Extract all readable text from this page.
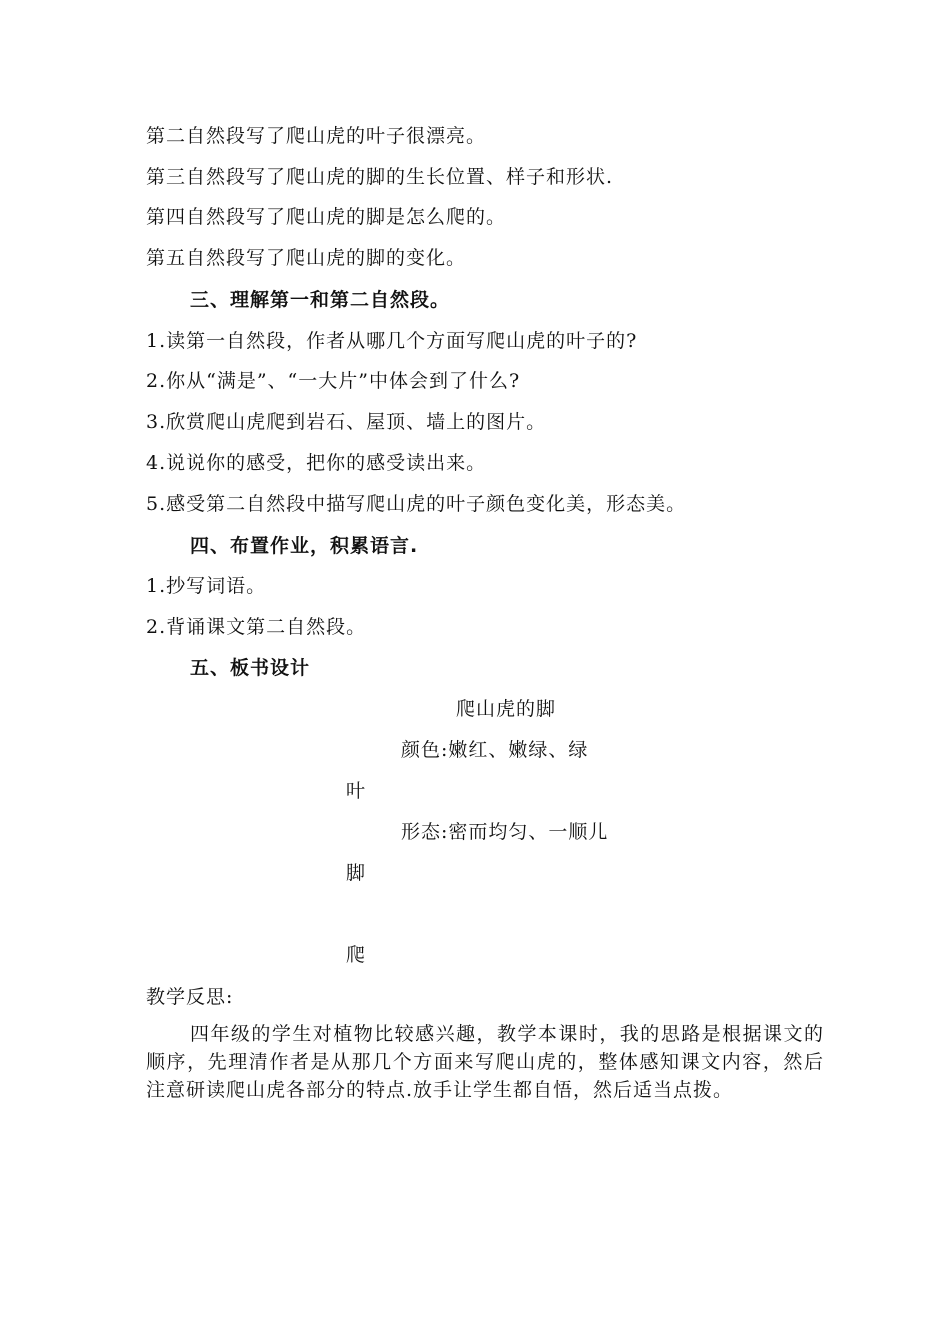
第二自然段写了爬山虎的叶子很漂亮。
第三自然段写了爬山虎的脚的生长位置、样子和形状.
第四自然段写了爬山虎的脚是怎么爬的。
第五自然段写了爬山虎的脚的变化。
三、理解第一和第二自然段。
1.读第一自然段，作者从哪几个方面写爬山虎的叶子的?
2.你从“满是”、“一大片”中体会到了什么?
3.欣赏爬山虎爬到岩石、屋顶、墙上的图片。
4.说说你的感受，把你的感受读出来。
5.感受第二自然段中描写爬山虎的叶子颜色变化美，形态美。
四、布置作业，积累语言.
1.抄写词语。
2.背诵课文第二自然段。
五、板书设计
爬山虎的脚
颜色:嫩红、嫩绿、绿
叶
形态:密而均匀、一顺儿
脚
爬
教学反思:
四年级的学生对植物比较感兴趣，教学本课时，我的思路是根据课文的顺序，先理清作者是从那几个方面来写爬山虎的，整体感知课文内容，然后注意研读爬山虎各部分的特点.放手让学生都自悟，然后适当点拨。
